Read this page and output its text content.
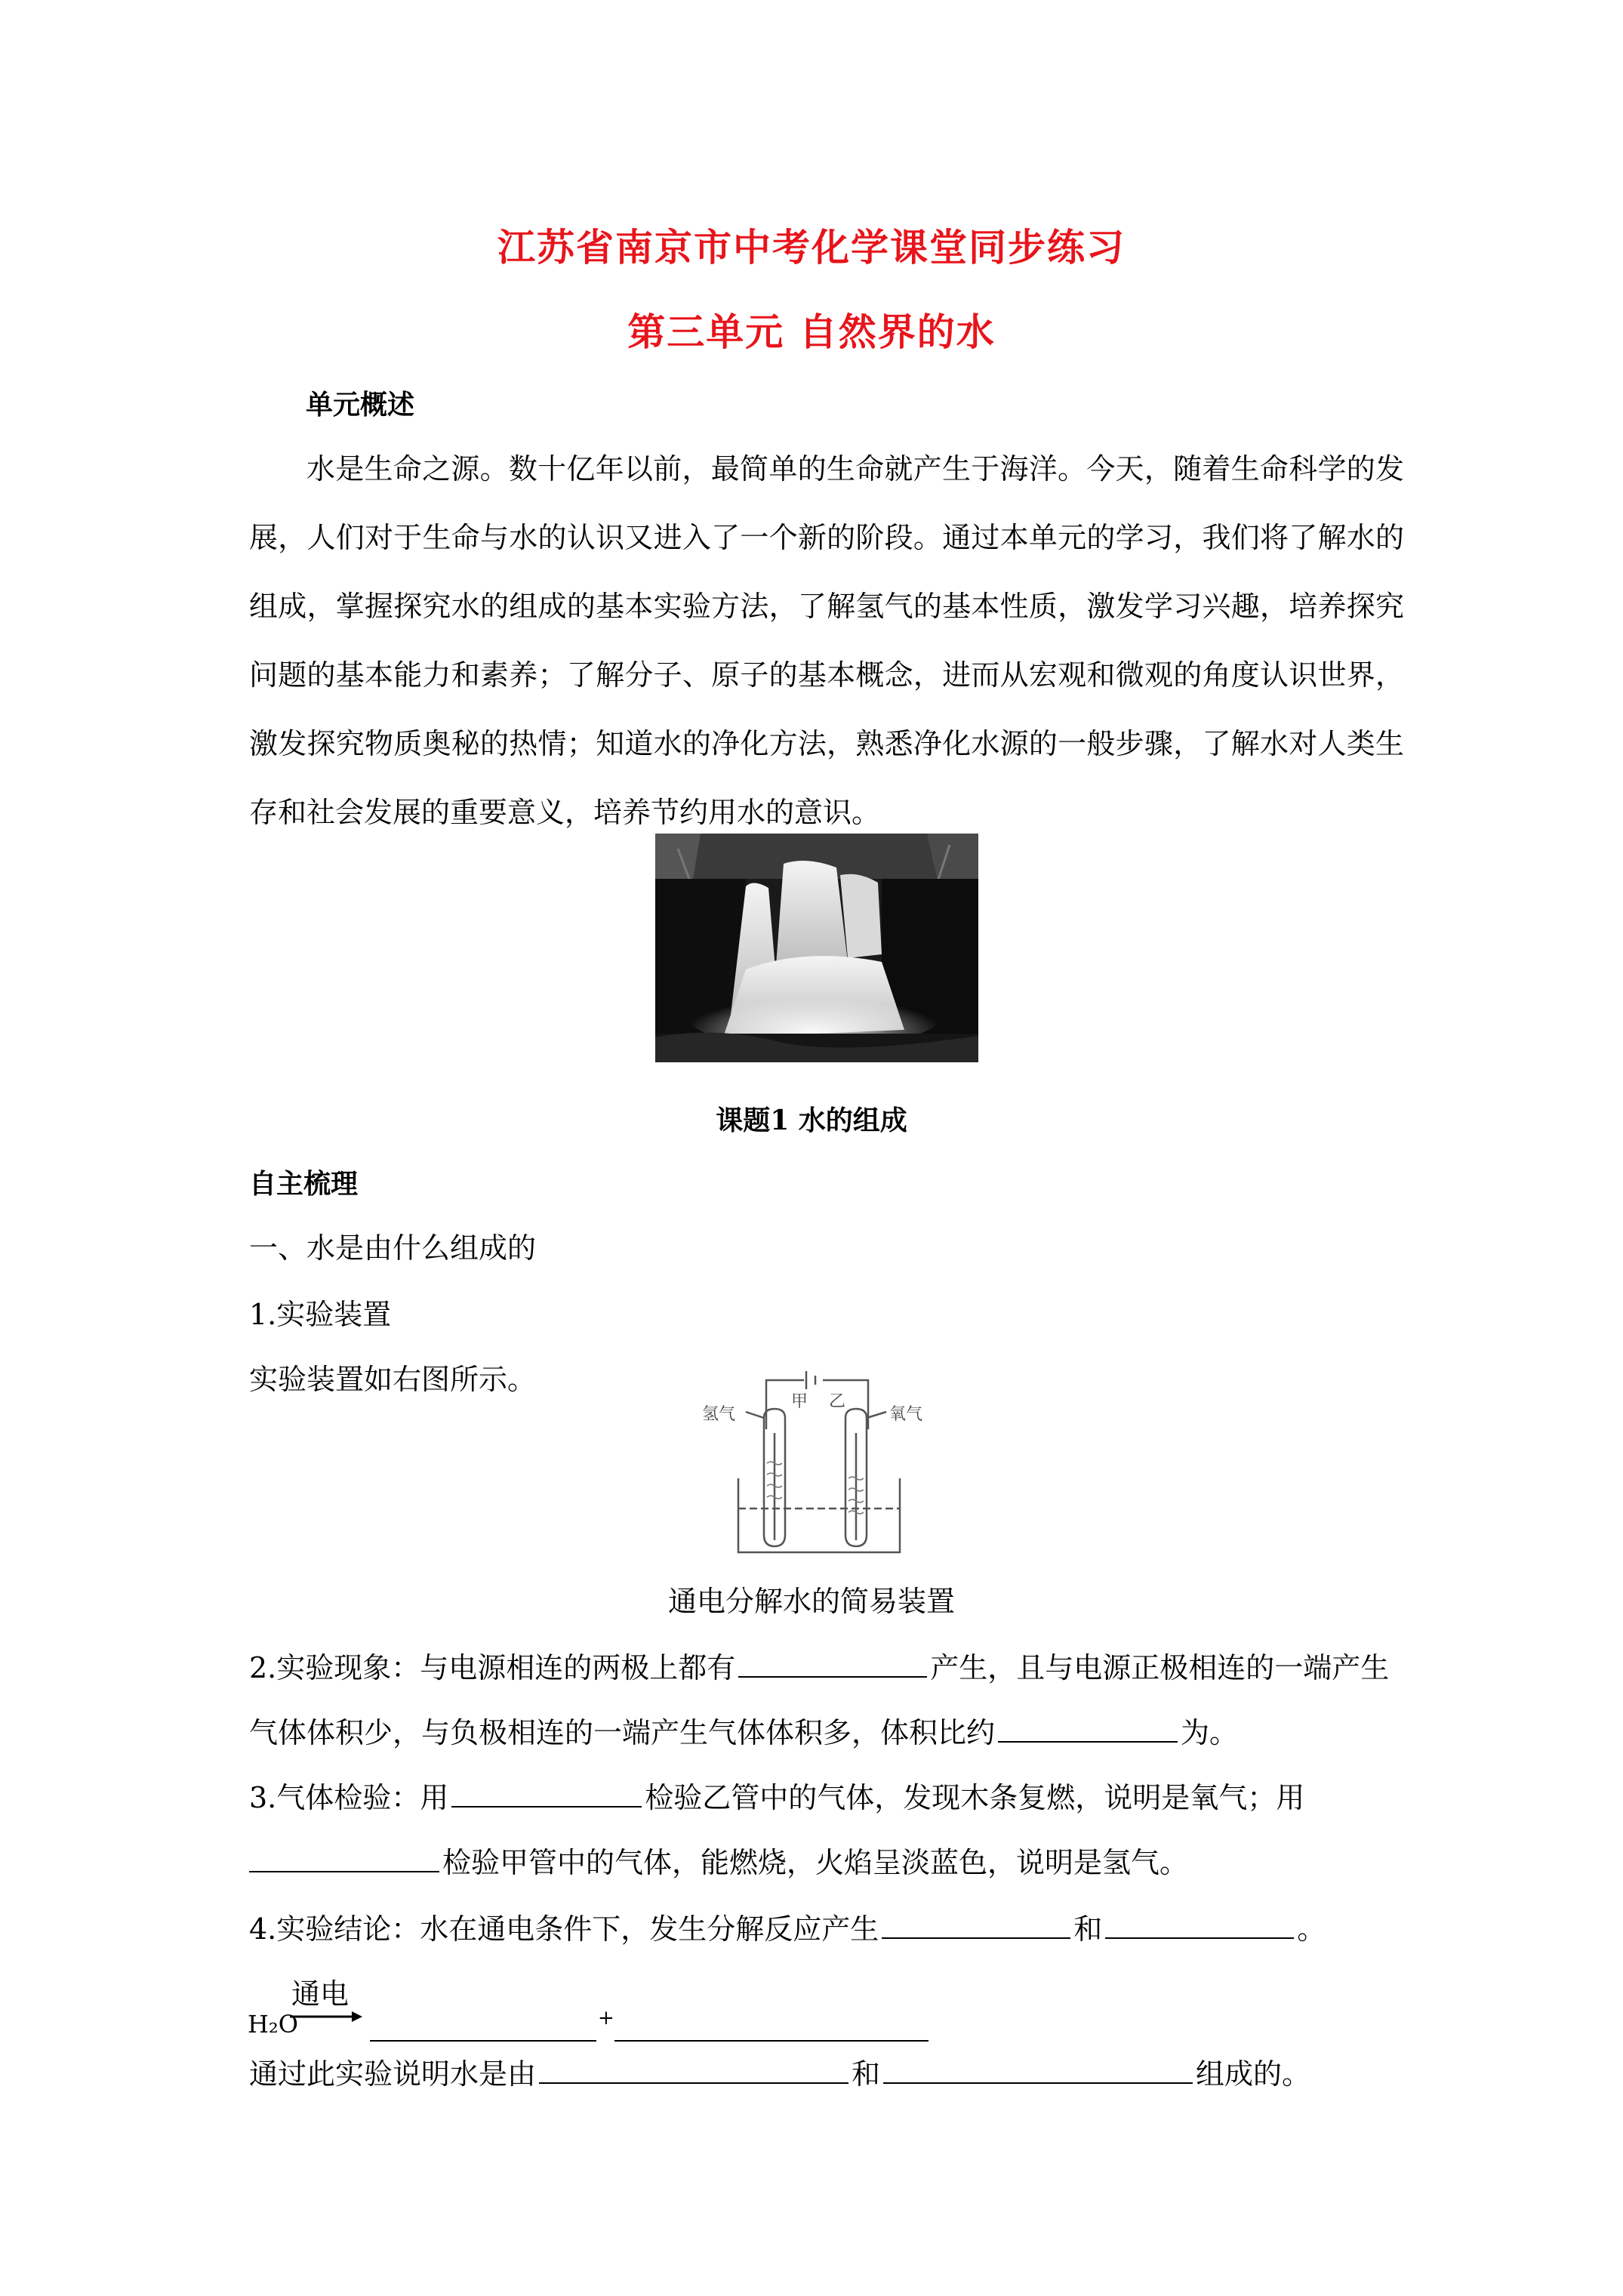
江苏省南京市中考化学课堂同步练习
第三单元 自然界的水
单元概述

水是生命之源。数十亿年以前，最简单的生命就产生于海洋。今天，随着生命科学的发展，人们对于生命与水的认识又进入了一个新的阶段。通过本单元的学习，我们将了解水的组成，掌握探究水的组成的基本实验方法，了解氢气的基本性质，激发学习兴趣，培养探究问题的基本能力和素养；了解分子、原子的基本概念，进而从宏观和微观的角度认识世界，激发探究物质奥秘的热情；知道水的净化方法，熟悉净化水源的一般步骤，了解水对人类生存和社会发展的重要意义，培养节约用水的意识。

课题1 水的组成
自主梳理
一、水是由什么组成的
1.实验装置
实验装置如右图所示。
甲 乙
氢气	氧气
通电分解水的简易装置
2.实验现象：与电源相连的两极上都有	产生，且与电源正极相连的一端产生
气体体积少，与负极相连的一端产生气体体积多，体积比约	为。
3.气体检验：用	检验乙管中的气体，发现木条复燃，说明是氧气；用
检验甲管中的气体，能燃烧，火焰呈淡蓝色，说明是氢气。
4.实验结论：水在通电条件下，发生分解反应产生	和	。
通电
H₂O	+
通过此实验说明水是由	和	组成的。
